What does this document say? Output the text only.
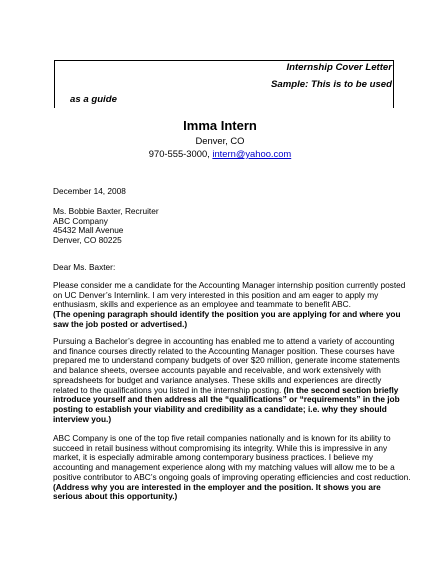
Internship Cover Letter
Sample: This is to be used
as a guide
Imma Intern
Denver, CO
970-555-3000, intern@yahoo.com
December 14, 2008
Ms. Bobbie Baxter, Recruiter
ABC Company
45432 Mall Avenue
Denver, CO 80225
Dear Ms. Baxter:
Please consider me a candidate for the Accounting Manager internship position currently posted
on UC Denver’s Internlink. I am very interested in this position and am eager to apply my
enthusiasm, skills and experience as an employee and teammate to benefit ABC.
(The opening paragraph should identify the position you are applying for and where you
saw the job posted or advertised.)
Pursuing a Bachelor’s degree in accounting has enabled me to attend a variety of accounting
and finance courses directly related to the Accounting Manager position. These courses have
prepared me to understand company budgets of over $20 million, generate income statements
and balance sheets, oversee accounts payable and receivable, and work extensively with
spreadsheets for budget and variance analyses. These skills and experiences are directly
related to the qualifications you listed in the internship posting. (In the second section briefly
introduce yourself and then address all the “qualifications” or “requirements” in the job
posting to establish your viability and credibility as a candidate; i.e. why they should
interview you.)
ABC Company is one of the top five retail companies nationally and is known for its ability to
succeed in retail business without compromising its integrity. While this is impressive in any
market, it is especially admirable among contemporary business practices. I believe my
accounting and management experience along with my matching values will allow me to be a
positive contributor to ABC’s ongoing goals of improving operating efficiencies and cost reduction.
(Address why you are interested in the employer and the position. It shows you are
serious about this opportunity.)
